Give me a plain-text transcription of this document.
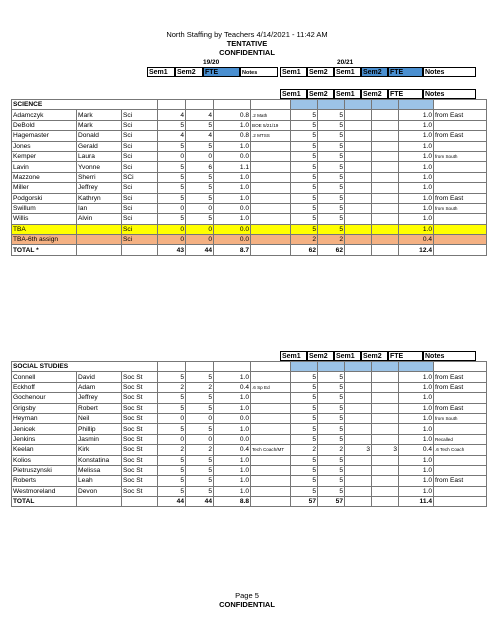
North Staffing by Teachers 4/14/2021 - 11:42 AM
TENTATIVE
CONFIDENTIAL
19/20	20/21
Sem1	Sem2	FTE	Notes	Sem1	Sem2	Sem1	Sem2	FTE	Notes
Sem1	Sem2	Sem1	Sem2	FTE	Notes
SCIENCE												
Adamczyk	Mark	Sci	4	4	0.8	.2 Math	5	5			1.0	from East
DeBold	Mark	Sci	5	5	1.0	BOE 5/21/19	5	5			1.0	
Hagemaster	Donald	Sci	4	4	0.8	.2 MTSS	5	5			1.0	from East
Jones	Gerald	Sci	5	5	1.0		5	5			1.0	
Kemper	Laura	Sci	0	0	0.0		5	5			1.0	from South
Lavin	Yvonne	Sci	5	6	1.1		5	5			1.0	
Mazzone	Sherri	SCi	5	5	1.0		5	5			1.0	
Miller	Jeffrey	Sci	5	5	1.0		5	5			1.0	
Podgorski	Kathryn	Sci	5	5	1.0		5	5			1.0	from East
Swillum	Ian	Sci	0	0	0.0		5	5			1.0	from South
Willis	Alvin	Sci	5	5	1.0		5	5			1.0	
TBA		Sci	0	0	0.0		5	5			1.0	
TBA-6th assign		Sci	0	0	0.0		2	2			0.4	
TOTAL *			43	44	8.7		62	62			12.4	
Sem1	Sem2	Sem1	Sem2	FTE	Notes
SOCIAL STUDIES												
Connell	David	Soc St	5	5	1.0		5	5			1.0	from East
Eckhoff	Adam	Soc St	2	2	0.4	.6 Sp Ed	5	5			1.0	from East
Gochenour	Jeffrey	Soc St	5	5	1.0		5	5			1.0	
Grigsby	Robert	Soc St	5	5	1.0		5	5			1.0	from East
Heyman	Neil	Soc St	0	0	0.0		5	5			1.0	from South
Jenicek	Phillip	Soc St	5	5	1.0		5	5			1.0	
Jenkins	Jasmin	Soc St	0	0	0.0		5	5			1.0	Recalled
Keelan	Kirk	Soc St	2	2	0.4	Tech Coach/MT	2	2	3	3	0.4	.6 Tech Coach
Kolios	Konstatina	Soc St	5	5	1.0		5	5			1.0	
Pietruszynski	Melissa	Soc St	5	5	1.0		5	5			1.0	
Roberts	Leah	Soc St	5	5	1.0		5	5			1.0	from East
Westmoreland	Devon	Soc St	5	5	1.0		5	5			1.0	
TOTAL			44	44	8.8		57	57			11.4	
Page 5
CONFIDENTIAL
